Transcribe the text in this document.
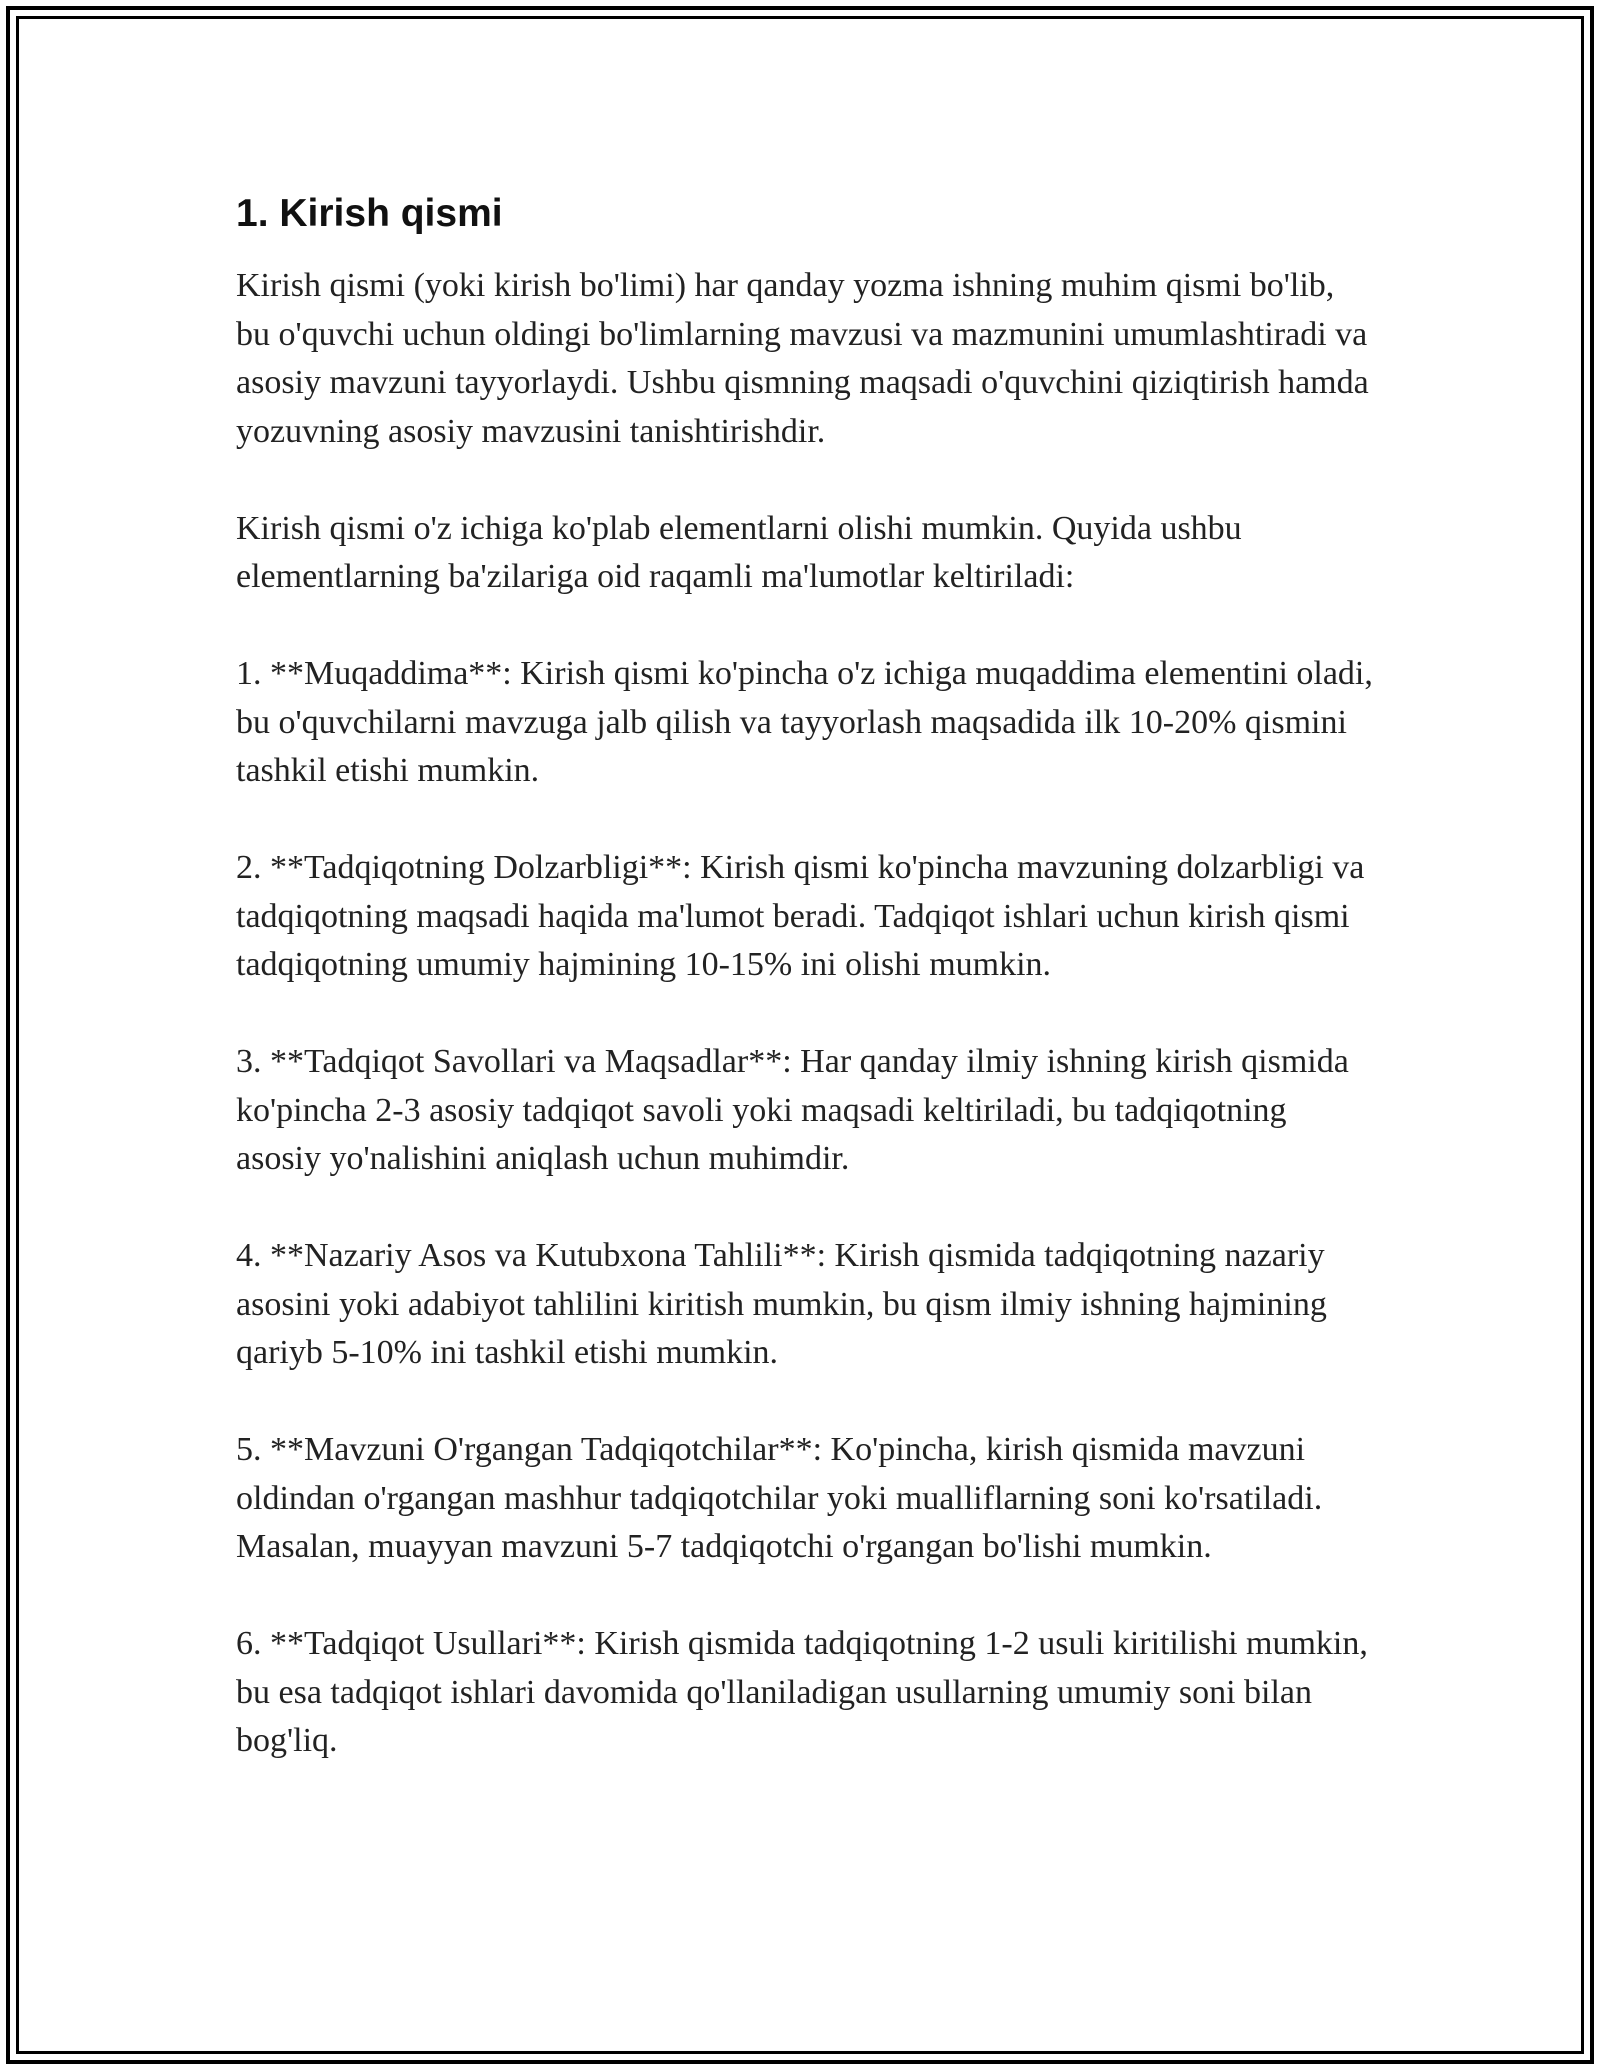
1. Kirish qismi

Kirish qismi (yoki kirish bo'limi) har qanday yozma ishning muhim qismi bo'lib, bu o'quvchi uchun oldingi bo'limlarning mavzusi va mazmunini umumlashtiradi va asosiy mavzuni tayyorlaydi. Ushbu qismning maqsadi o'quvchini qiziqtirish hamda yozuvning asosiy mavzusini tanishtirishdir.

Kirish qismi o'z ichiga ko'plab elementlarni olishi mumkin. Quyida ushbu elementlarning ba'zilariga oid raqamli ma'lumotlar keltiriladi:

1. **Muqaddima**: Kirish qismi ko'pincha o'z ichiga muqaddima elementini oladi, bu o'quvchilarni mavzuga jalb qilish va tayyorlash maqsadida ilk 10-20% qismini tashkil etishi mumkin.

2. **Tadqiqotning Dolzarbligi**: Kirish qismi ko'pincha mavzuning dolzarbligi va tadqiqotning maqsadi haqida ma'lumot beradi. Tadqiqot ishlari uchun kirish qismi tadqiqotning umumiy hajmining 10-15% ini olishi mumkin.

3. **Tadqiqot Savollari va Maqsadlar**: Har qanday ilmiy ishning kirish qismida ko'pincha 2-3 asosiy tadqiqot savoli yoki maqsadi keltiriladi, bu tadqiqotning asosiy yo'nalishini aniqlash uchun muhimdir.

4. **Nazariy Asos va Kutubxona Tahlili**: Kirish qismida tadqiqotning nazariy asosini yoki adabiyot tahlilini kiritish mumkin, bu qism ilmiy ishning hajmining qariyb 5-10% ini tashkil etishi mumkin.

5. **Mavzuni O'rgangan Tadqiqotchilar**: Ko'pincha, kirish qismida mavzuni oldindan o'rgangan mashhur tadqiqotchilar yoki mualliflarning soni ko'rsatiladi. Masalan, muayyan mavzuni 5-7 tadqiqotchi o'rgangan bo'lishi mumkin.

6. **Tadqiqot Usullari**: Kirish qismida tadqiqotning 1-2 usuli kiritilishi mumkin, bu esa tadqiqot ishlari davomida qo'llaniladigan usullarning umumiy soni bilan bog'liq.
